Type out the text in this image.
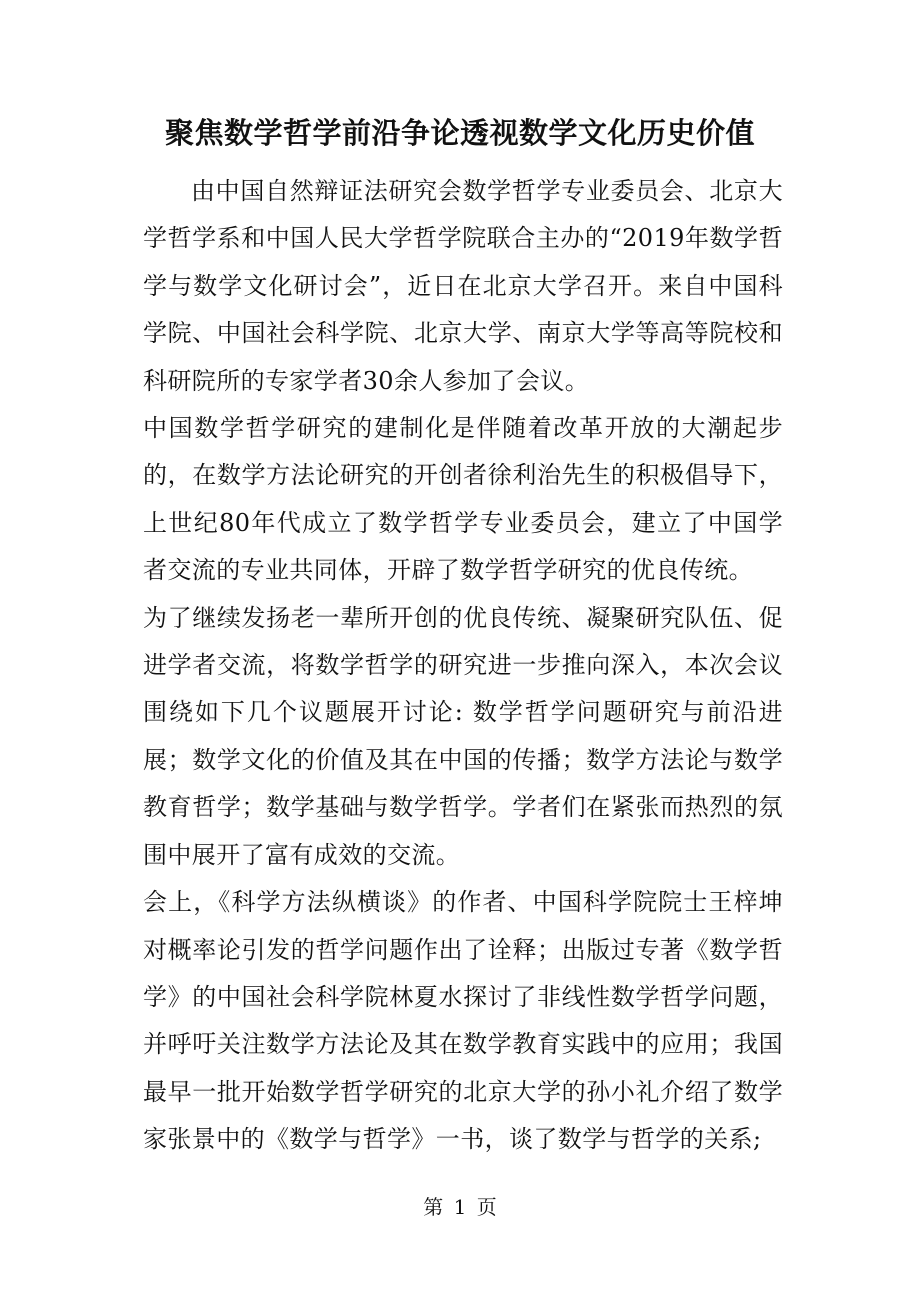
聚焦数学哲学前沿争论透视数学文化历史价值

由中国自然辩证法研究会数学哲学专业委员会、北京大学哲学系和中国人民大学哲学院联合主办的“2019年数学哲学与数学文化研讨会”，近日在北京大学召开。来自中国科学院、中国社会科学院、北京大学、南京大学等高等院校和科研院所的专家学者30余人参加了会议。

中国数学哲学研究的建制化是伴随着改革开放的大潮起步的，在数学方法论研究的开创者徐利治先生的积极倡导下，上世纪80年代成立了数学哲学专业委员会，建立了中国学者交流的专业共同体，开辟了数学哲学研究的优良传统。

为了继续发扬老一辈所开创的优良传统、凝聚研究队伍、促进学者交流，将数学哲学的研究进一步推向深入，本次会议围绕如下几个议题展开讨论: 数学哲学问题研究与前沿进展；数学文化的价值及其在中国的传播；数学方法论与数学教育哲学；数学基础与数学哲学。学者们在紧张而热烈的氛围中展开了富有成效的交流。

会上，《科学方法纵横谈》的作者、中国科学院院士王梓坤对概率论引发的哲学问题作出了诠释；出版过专著《数学哲学》的中国社会科学院林夏水探讨了非线性数学哲学问题，并呼吁关注数学方法论及其在数学教育实践中的应用；我国最早一批开始数学哲学研究的北京大学的孙小礼介绍了数学家张景中的《数学与哲学》一书，谈了数学与哲学的关系;

第 1 页
